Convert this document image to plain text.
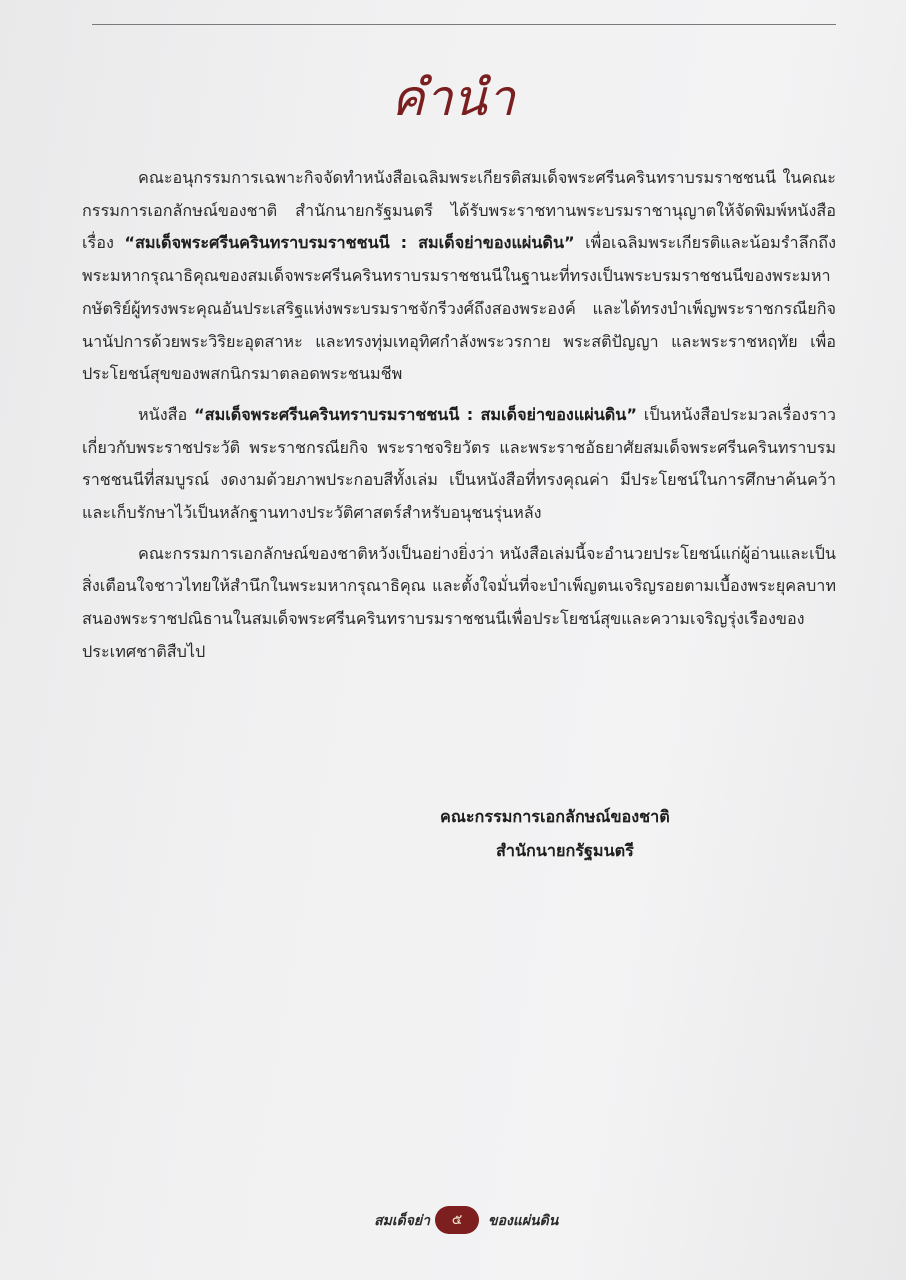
คำนำ

คณะอนุกรรมการเฉพาะกิจจัดทำหนังสือเฉลิมพระเกียรติสมเด็จพระศรีนครินทราบรมราชชนนี ในคณะกรรมการเอกลักษณ์ของชาติ สำนักนายกรัฐมนตรี ได้รับพระราชทานพระบรมราชานุญาตให้จัดพิมพ์หนังสือเรื่อง “สมเด็จพระศรีนครินทราบรมราชชนนี : สมเด็จย่าของแผ่นดิน” เพื่อเฉลิมพระเกียรติและน้อมรำลึกถึงพระมหากรุณาธิคุณของสมเด็จพระศรีนครินทราบรมราชชนนีในฐานะที่ทรงเป็นพระบรมราชชนนีของพระมหากษัตริย์ผู้ทรงพระคุณอันประเสริฐแห่งพระบรมราชจักรีวงศ์ถึงสองพระองค์ และได้ทรงบำเพ็ญพระราชกรณียกิจนานัปการด้วยพระวิริยะอุตสาหะ และทรงทุ่มเทอุทิศกำลังพระวรกาย พระสติปัญญา และพระราชหฤทัย เพื่อประโยชน์สุขของพสกนิกรมาตลอดพระชนมชีพ

หนังสือ “สมเด็จพระศรีนครินทราบรมราชชนนี : สมเด็จย่าของแผ่นดิน” เป็นหนังสือประมวลเรื่องราวเกี่ยวกับพระราชประวัติ พระราชกรณียกิจ พระราชจริยวัตร และพระราชอัธยาศัยสมเด็จพระศรีนครินทราบรมราชชนนีที่สมบูรณ์ งดงามด้วยภาพประกอบสีทั้งเล่ม เป็นหนังสือที่ทรงคุณค่า มีประโยชน์ในการศึกษาค้นคว้า และเก็บรักษาไว้เป็นหลักฐานทางประวัติศาสตร์สำหรับอนุชนรุ่นหลัง

คณะกรรมการเอกลักษณ์ของชาติหวังเป็นอย่างยิ่งว่า หนังสือเล่มนี้จะอำนวยประโยชน์แก่ผู้อ่านและเป็นสิ่งเตือนใจชาวไทยให้สำนึกในพระมหากรุณาธิคุณ และตั้งใจมั่นที่จะบำเพ็ญตนเจริญรอยตามเบื้องพระยุคลบาท สนองพระราชปณิธานในสมเด็จพระศรีนครินทราบรมราชชนนีเพื่อประโยชน์สุขและความเจริญรุ่งเรืองของประเทศชาติสืบไป

คณะกรรมการเอกลักษณ์ของชาติ
สำนักนายกรัฐมนตรี
สมเด็จย่า	๕	ของแผ่นดิน
